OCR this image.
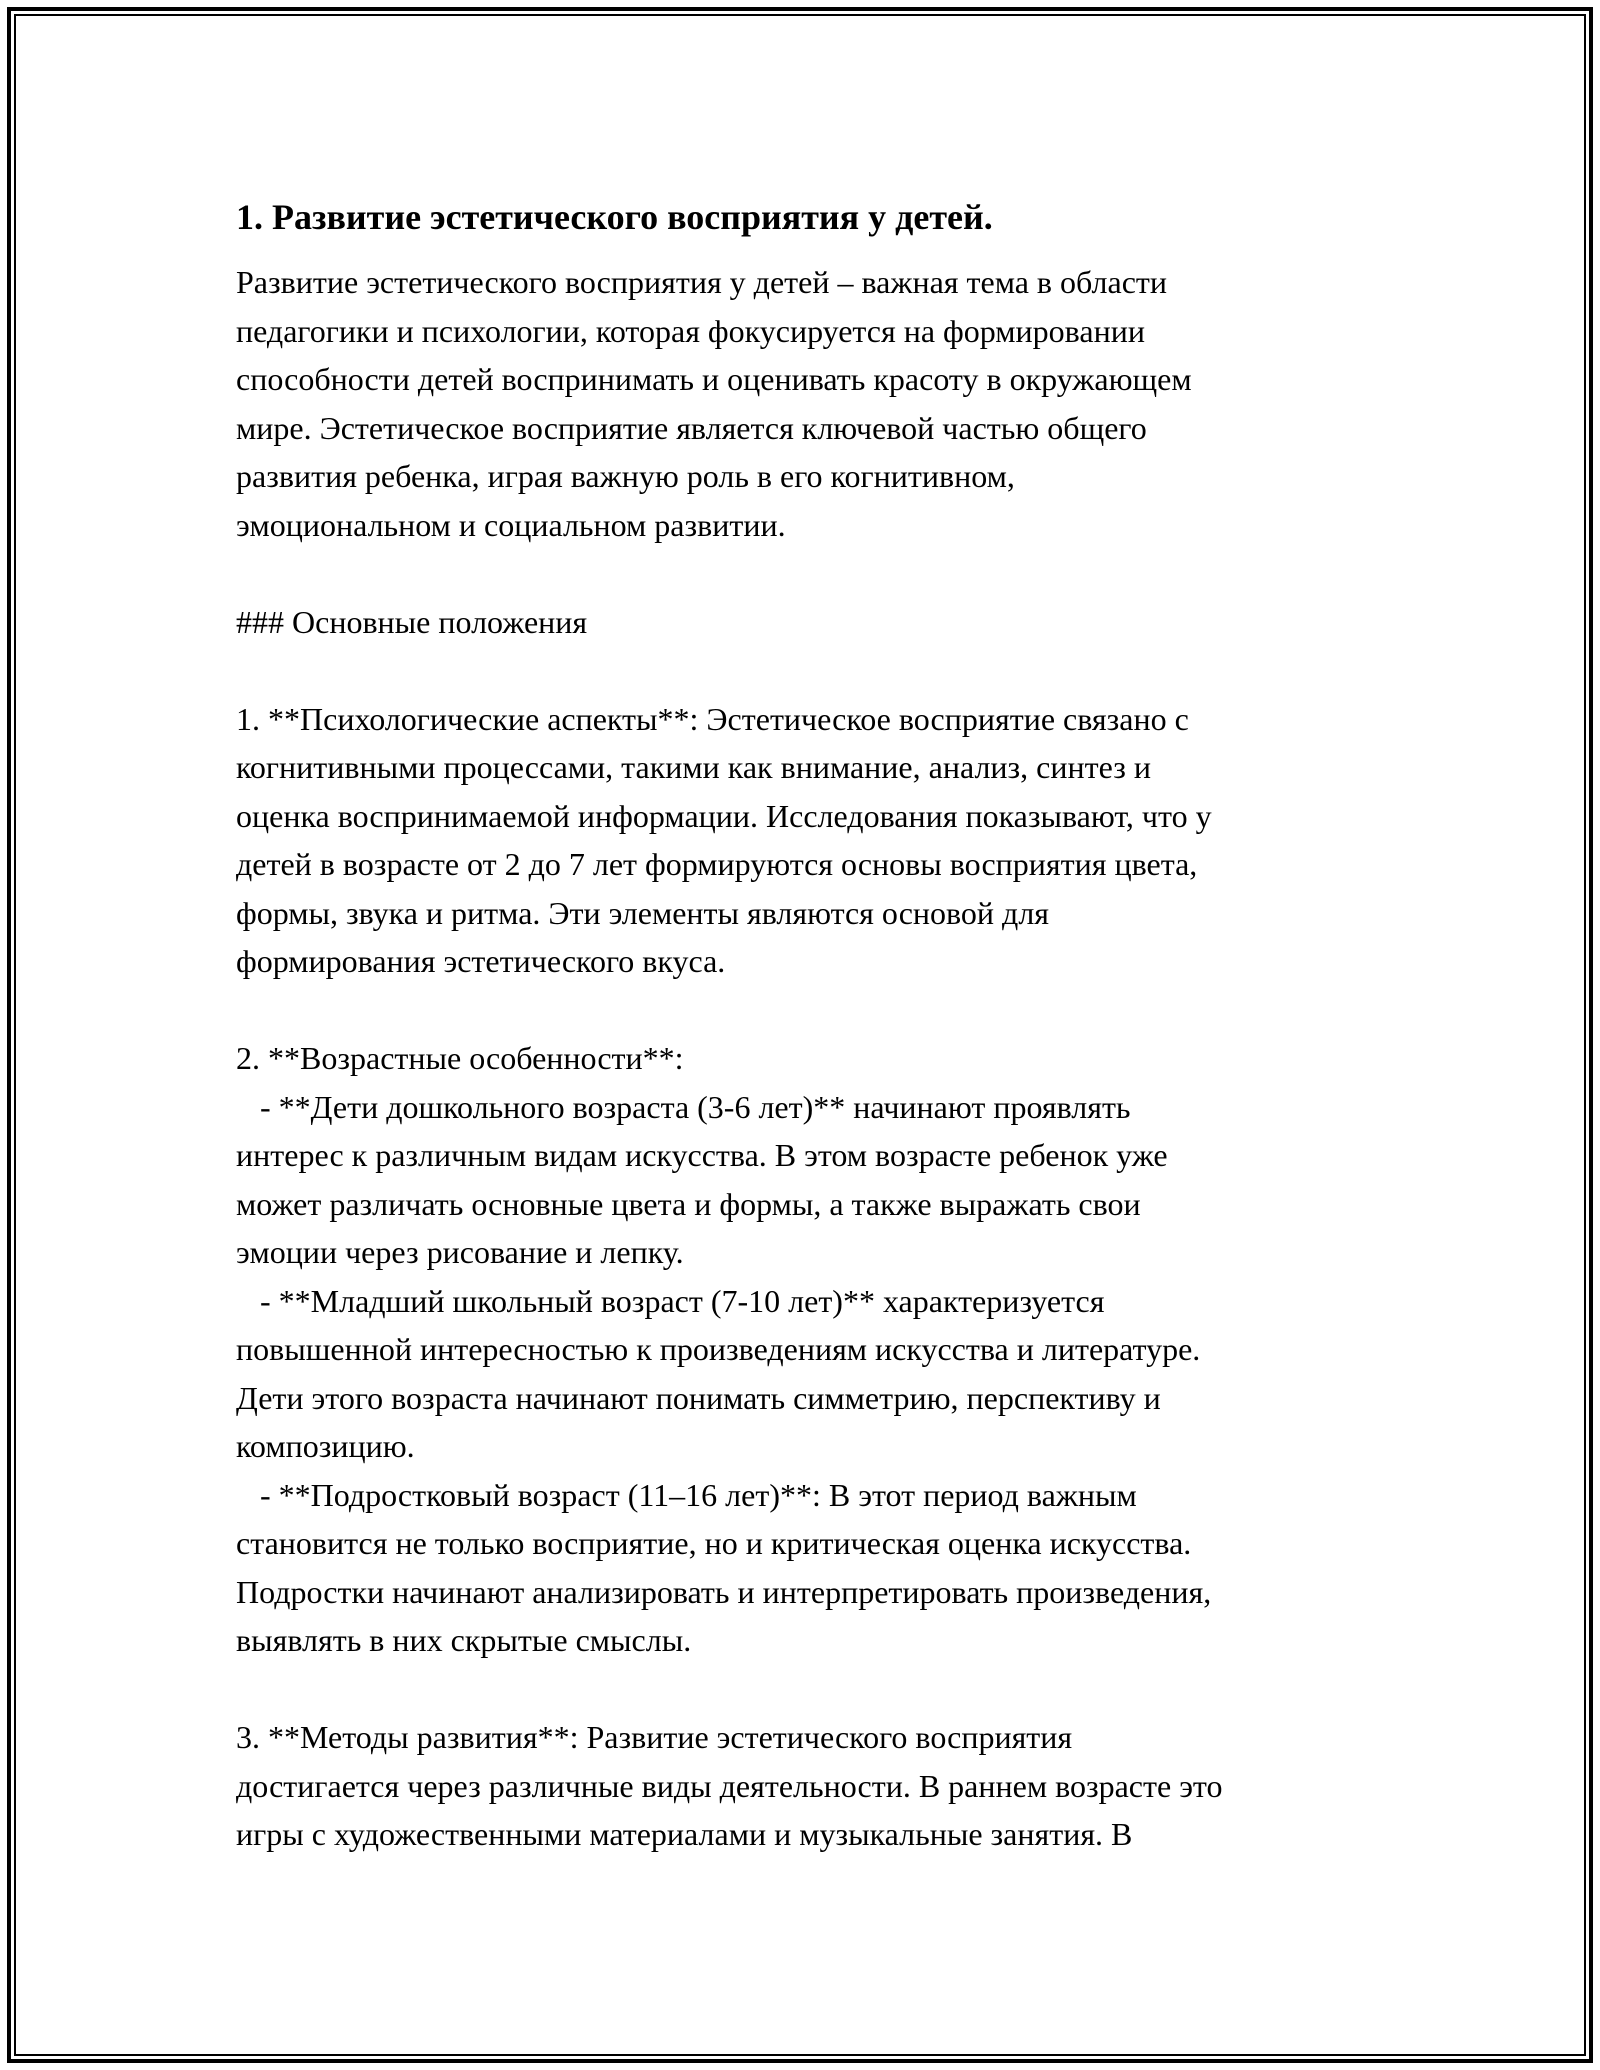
1. Развитие эстетического восприятия у детей.
Развитие эстетического восприятия у детей – важная тема в области
педагогики и психологии, которая фокусируется на формировании
способности детей воспринимать и оценивать красоту в окружающем
мире. Эстетическое восприятие является ключевой частью общего
развития ребенка, играя важную роль в его когнитивном,
эмоциональном и социальном развитии.
### Основные положения
1. **Психологические аспекты**: Эстетическое восприятие связано с
когнитивными процессами, такими как внимание, анализ, синтез и
оценка воспринимаемой информации. Исследования показывают, что у
детей в возрасте от 2 до 7 лет формируются основы восприятия цвета,
формы, звука и ритма. Эти элементы являются основой для
формирования эстетического вкуса.
2. **Возрастные особенности**:
- **Дети дошкольного возраста (3-6 лет)** начинают проявлять
интерес к различным видам искусства. В этом возрасте ребенок уже
может различать основные цвета и формы, а также выражать свои
эмоции через рисование и лепку.
- **Младший школьный возраст (7-10 лет)** характеризуется
повышенной интересностью к произведениям искусства и литературе.
Дети этого возраста начинают понимать симметрию, перспективу и
композицию.
- **Подростковый возраст (11–16 лет)**: В этот период важным
становится не только восприятие, но и критическая оценка искусства.
Подростки начинают анализировать и интерпретировать произведения,
выявлять в них скрытые смыслы.
3. **Методы развития**: Развитие эстетического восприятия
достигается через различные виды деятельности. В раннем возрасте это
игры с художественными материалами и музыкальные занятия. В
